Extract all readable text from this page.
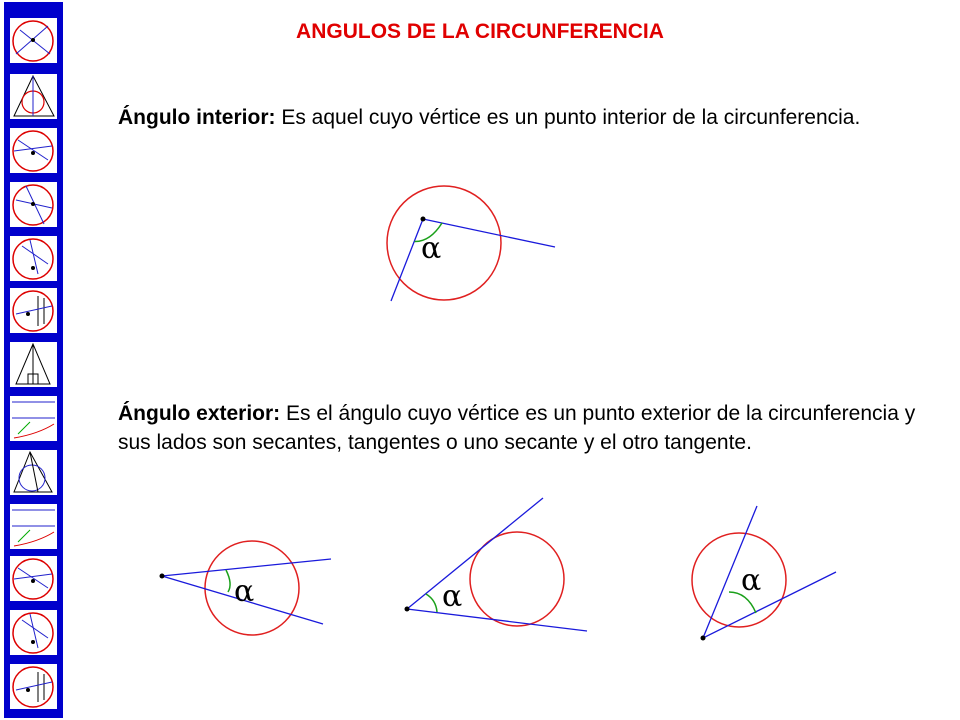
ANGULOS DE LA CIRCUNFERENCIA
Ángulo interior: Es aquel cuyo vértice es un punto interior de la circunferencia.
Ángulo exterior: Es el ángulo cuyo vértice es un punto exterior de la circunferencia y sus lados son secantes, tangentes o uno secante y el otro tangente.
α
α	α	α
